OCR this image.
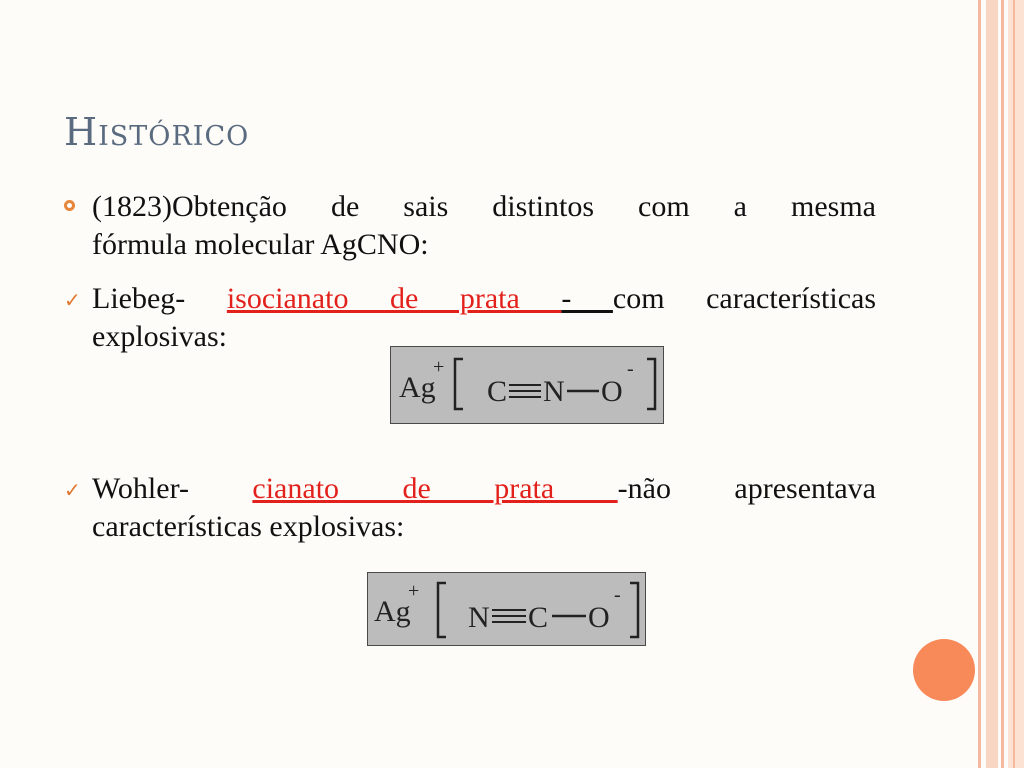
Histórico
(1823)Obtenção de sais distintos com a mesma
fórmula molecular AgCNO:
✓ Liebeg- isocianato de prata - com características
explosivas:
Ag
+
C N O
-
✓ Wohler- cianato de prata -não apresentava
características explosivas:
Ag
+
N C O
-
